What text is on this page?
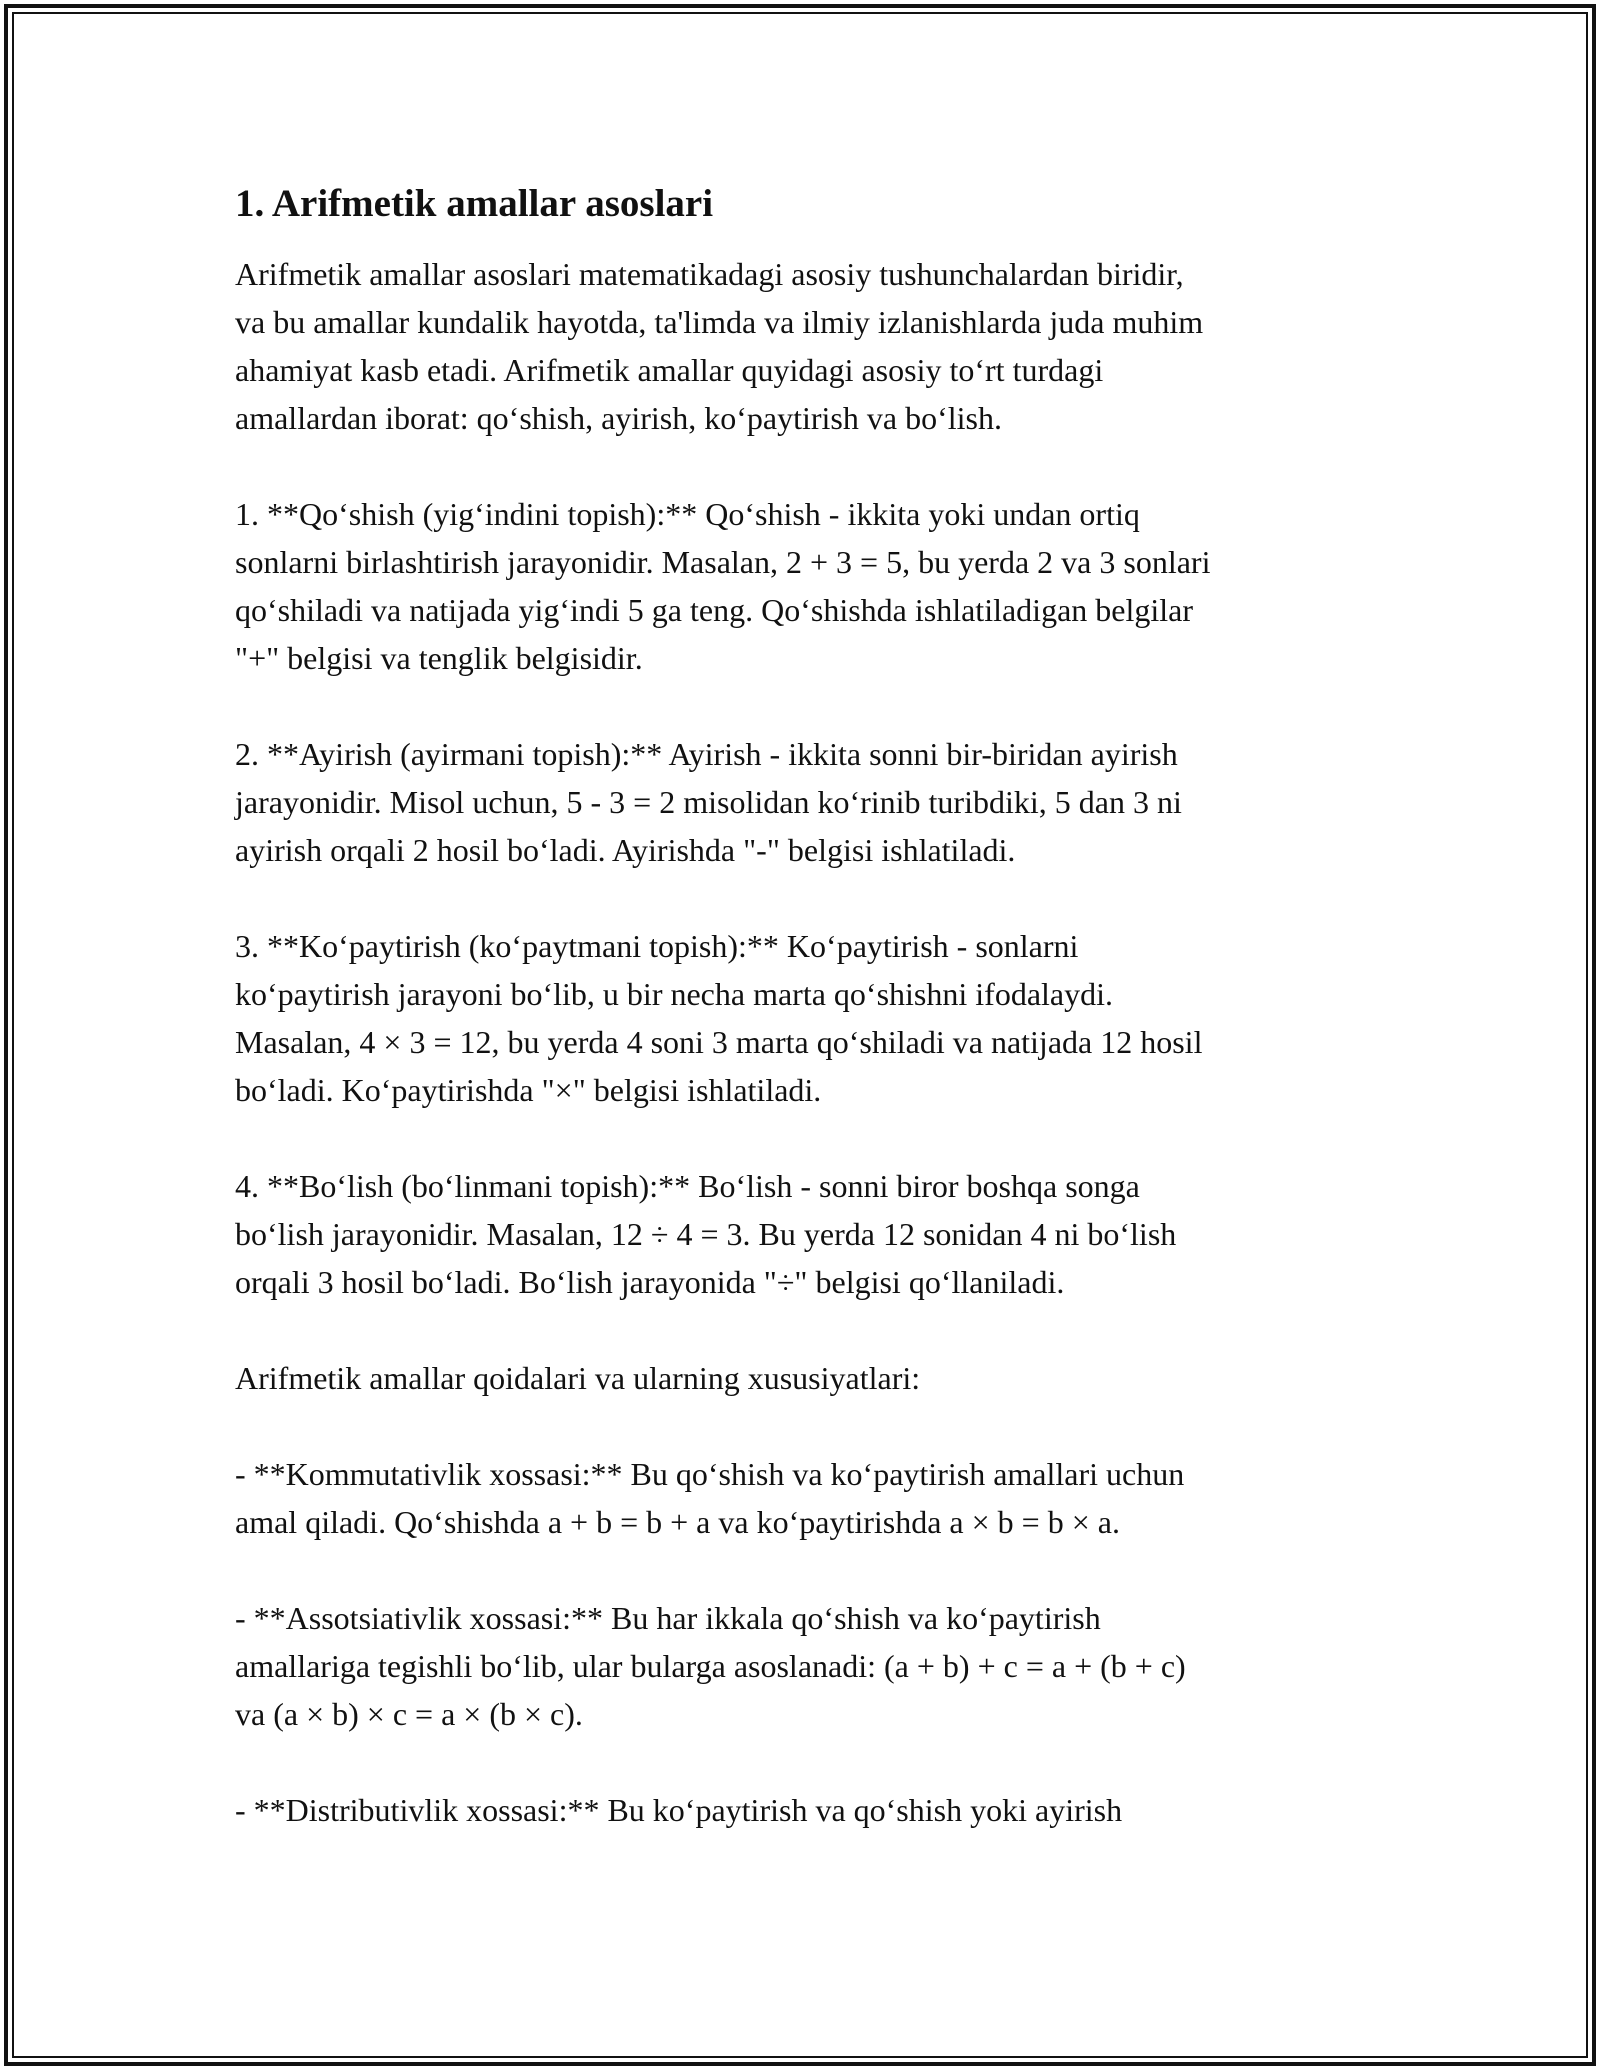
1. Arifmetik amallar asoslari

Arifmetik amallar asoslari matematikadagi asosiy tushunchalardan biridir,
va bu amallar kundalik hayotda, ta'limda va ilmiy izlanishlarda juda muhim
ahamiyat kasb etadi. Arifmetik amallar quyidagi asosiy to‘rt turdagi
amallardan iborat: qo‘shish, ayirish, ko‘paytirish va bo‘lish.

1. **Qo‘shish (yig‘indini topish):** Qo‘shish - ikkita yoki undan ortiq
sonlarni birlashtirish jarayonidir. Masalan, 2 + 3 = 5, bu yerda 2 va 3 sonlari
qo‘shiladi va natijada yig‘indi 5 ga teng. Qo‘shishda ishlatiladigan belgilar
"+" belgisi va tenglik belgisidir.

2. **Ayirish (ayirmani topish):** Ayirish - ikkita sonni bir-biridan ayirish
jarayonidir. Misol uchun, 5 - 3 = 2 misolidan ko‘rinib turibdiki, 5 dan 3 ni
ayirish orqali 2 hosil bo‘ladi. Ayirishda "-" belgisi ishlatiladi.

3. **Ko‘paytirish (ko‘paytmani topish):** Ko‘paytirish - sonlarni
ko‘paytirish jarayoni bo‘lib, u bir necha marta qo‘shishni ifodalaydi.
Masalan, 4 × 3 = 12, bu yerda 4 soni 3 marta qo‘shiladi va natijada 12 hosil
bo‘ladi. Ko‘paytirishda "×" belgisi ishlatiladi.

4. **Bo‘lish (bo‘linmani topish):** Bo‘lish - sonni biror boshqa songa
bo‘lish jarayonidir. Masalan, 12 ÷ 4 = 3. Bu yerda 12 sonidan 4 ni bo‘lish
orqali 3 hosil bo‘ladi. Bo‘lish jarayonida "÷" belgisi qo‘llaniladi.

Arifmetik amallar qoidalari va ularning xususiyatlari:

- **Kommutativlik xossasi:** Bu qo‘shish va ko‘paytirish amallari uchun
amal qiladi. Qo‘shishda a + b = b + a va ko‘paytirishda a × b = b × a.

- **Assotsiativlik xossasi:** Bu har ikkala qo‘shish va ko‘paytirish
amallariga tegishli bo‘lib, ular bularga asoslanadi: (a + b) + c = a + (b + c)
va (a × b) × c = a × (b × c).

- **Distributivlik xossasi:** Bu ko‘paytirish va qo‘shish yoki ayirish
